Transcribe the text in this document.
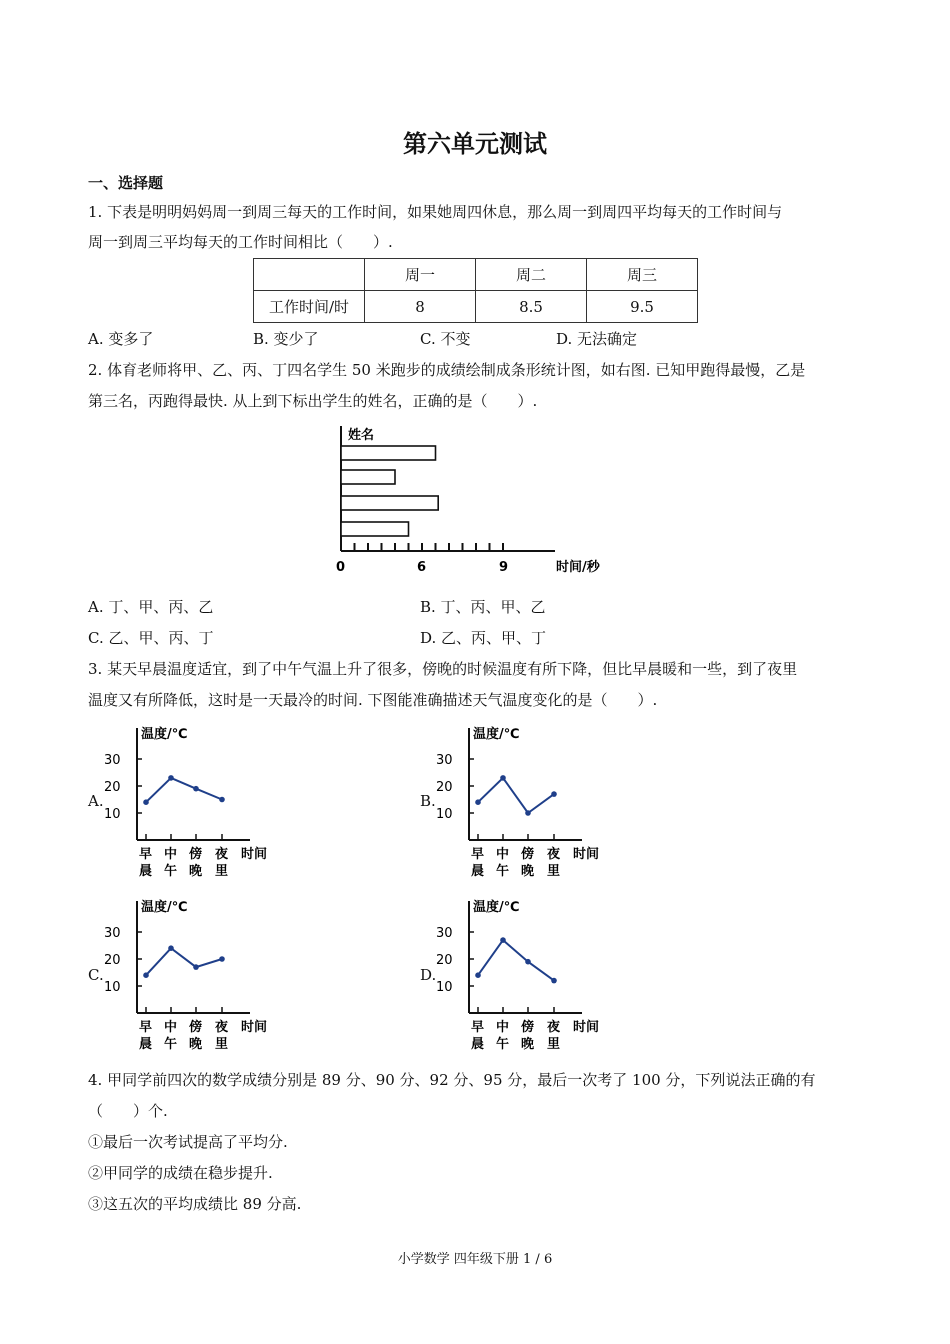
第六单元测试
一、选择题
1. 下表是明明妈妈周一到周三每天的工作时间，如果她周四休息，那么周一到周四平均每天的工作时间与
周一到周三平均每天的工作时间相比（　　）.
	周一	周二	周三
工作时间/时	8	8.5	9.5
A. 变多了	B. 变少了	C. 不变	D. 无法确定
2. 体育老师将甲、乙、丙、丁四名学生 50 米跑步的成绩绘制成条形统计图，如右图. 已知甲跑得最慢，乙是
第三名，丙跑得最快. 从上到下标出学生的姓名，正确的是（　　）.
姓名
0	6	9	时间/秒
A. 丁、甲、丙、乙	B. 丁、丙、甲、乙
C. 乙、甲、丙、丁	D. 乙、丙、甲、丁
3. 某天早晨温度适宜，到了中午气温上升了很多，傍晚的时候温度有所下降，但比早晨暖和一些，到了夜里
温度又有所降低，这时是一天最冷的时间. 下图能准确描述天气温度变化的是（　　）.
A.	B.
C.	D.
温度/℃
30
20
10
早
晨
中
午
傍
晚
夜
里
时间
温度/℃
30
20
10
早
晨
中
午
傍
晚
夜
里
时间
温度/℃
30
20
10
早
晨
中
午
傍
晚
夜
里
时间
温度/℃
30
20
10
早
晨
中
午
傍
晚
夜
里
时间
4. 甲同学前四次的数学成绩分别是 89 分、90 分、92 分、95 分，最后一次考了 100 分，下列说法正确的有
（　　）个.
①最后一次考试提高了平均分.
②甲同学的成绩在稳步提升.
③这五次的平均成绩比 89 分高.
小学数学 四年级下册 1 / 6
